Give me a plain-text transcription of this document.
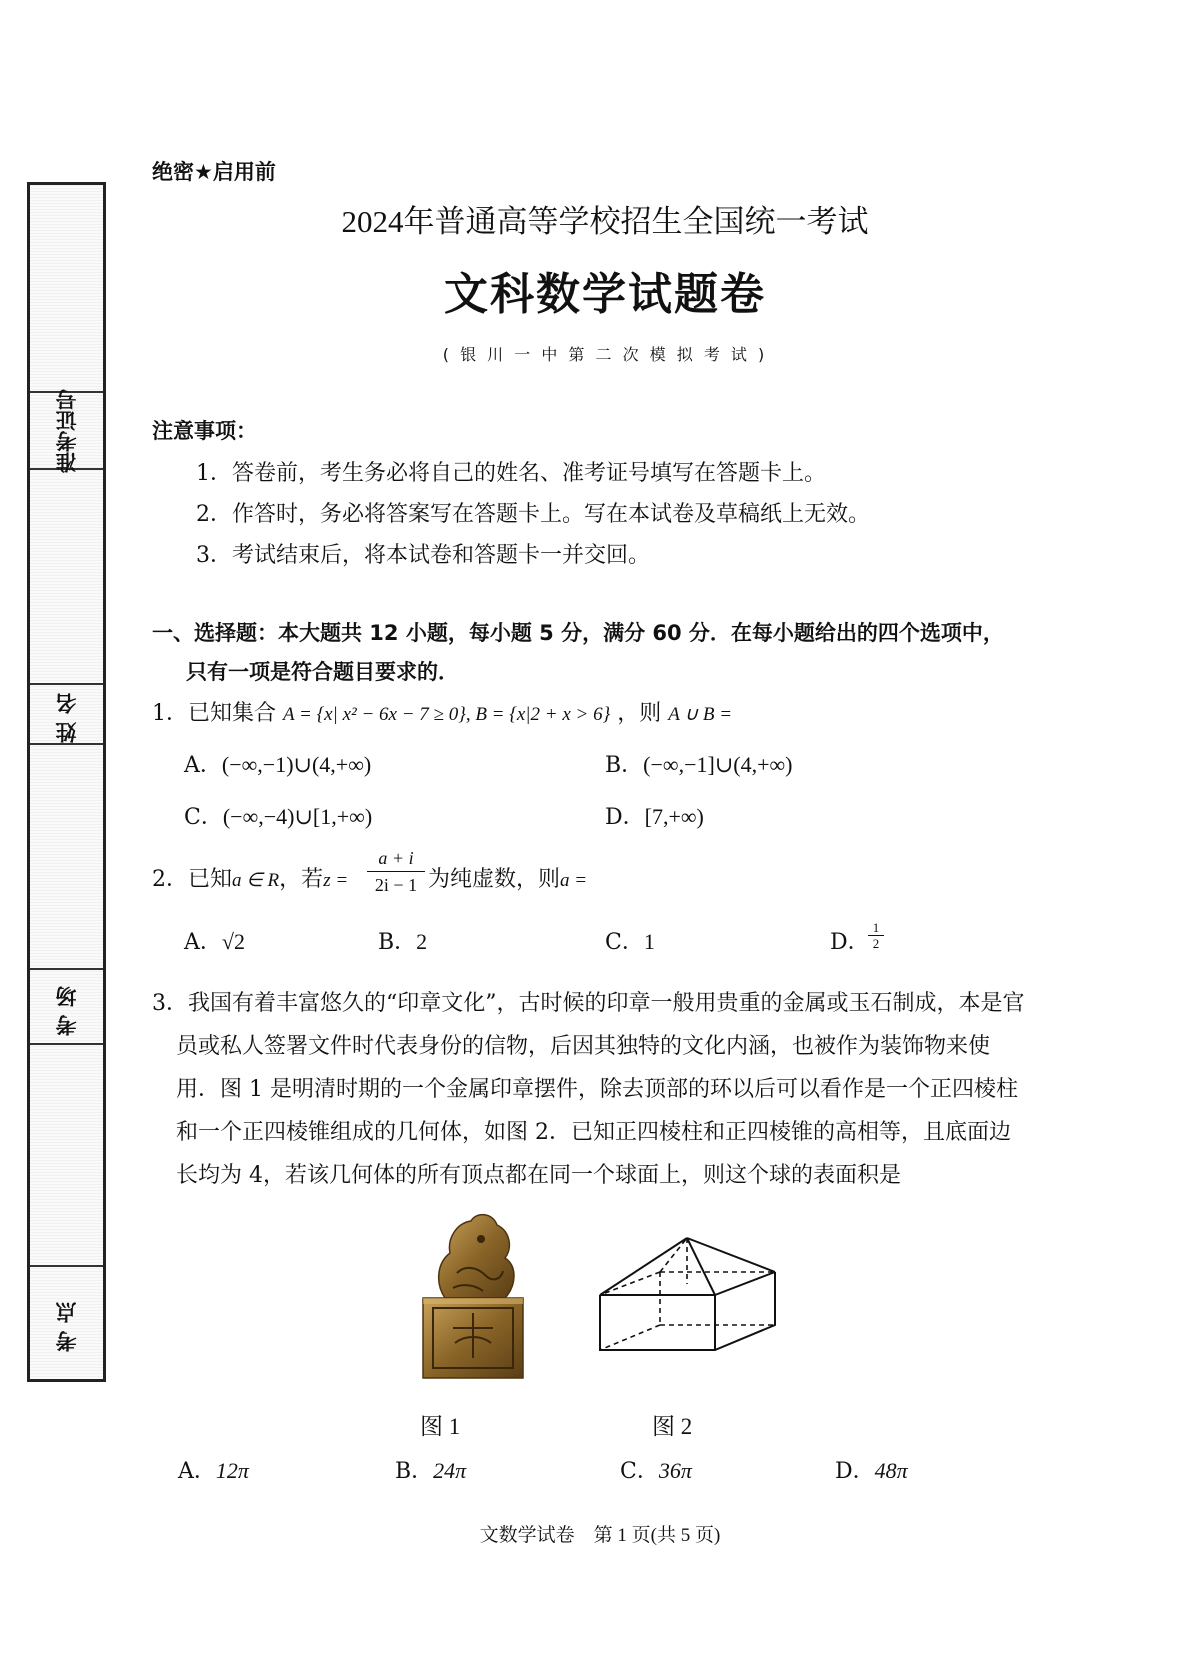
准考证号
姓名
考场
考点
绝密★启用前
2024年普通高等学校招生全国统一考试
文科数学试题卷
( 银 川 一 中 第 二 次 模 拟 考 试 )
注意事项：
1．答卷前，考生务必将自己的姓名、准考证号填写在答题卡上。
2．作答时，务必将答案写在答题卡上。写在本试卷及草稿纸上无效。
3．考试结束后，将本试卷和答题卡一并交回。
一、选择题：本大题共 12 小题，每小题 5 分，满分 60 分．在每小题给出的四个选项中，
只有一项是符合题目要求的．
1．已知集合 A = {x| x² − 6x − 7 ≥ 0}, B = {x|2 + x > 6} ，则 A ∪ B =
A．(−∞,−1)∪(4,+∞)	B．(−∞,−1]∪(4,+∞)
C．(−∞,−4)∪[1,+∞)	D．[7,+∞)
2．已知a ∈ R，若z =
a + i
2i − 1 为纯虚数，则a =
A．√2	B．2	C．1	D．
1
2
3．我国有着丰富悠久的“印章文化”，古时候的印章一般用贵重的金属或玉石制成，本是官
员或私人签署文件时代表身份的信物，后因其独特的文化内涵，也被作为装饰物来使
用．图 1 是明清时期的一个金属印章摆件，除去顶部的环以后可以看作是一个正四棱柱
和一个正四棱锥组成的几何体，如图 2．已知正四棱柱和正四棱锥的高相等，且底面边
长均为 4，若该几何体的所有顶点都在同一个球面上，则这个球的表面积是
图 1	图 2
A．12π	B．24π	C．36π	D．48π
文数学试卷　第 1 页(共 5 页)
